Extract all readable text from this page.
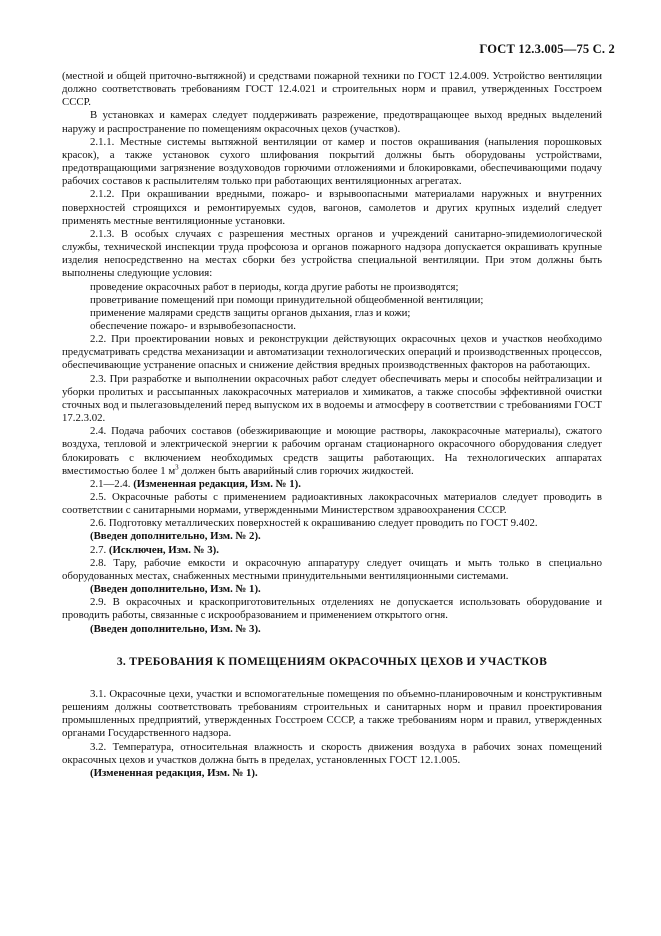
ГОСТ 12.3.005—75 С. 2

(местной и общей приточно-вытяжной) и средствами пожарной техники по ГОСТ 12.4.009. Устройство вентиляции должно соответствовать требованиям ГОСТ 12.4.021 и строительных норм и правил, утвержденных Госстроем СССР.

В установках и камерах следует поддерживать разрежение, предотвращающее выход вредных выделений наружу и распространение по помещениям окрасочных цехов (участков).

2.1.1. Местные системы вытяжной вентиляции от камер и постов окрашивания (напыления порошковых красок), а также установок сухого шлифования покрытий должны быть оборудованы устройствами, предотвращающими загрязнение воздуховодов горючими отложениями и блокировками, обеспечивающими подачу рабочих составов к распылителям только при работающих вентиляционных агрегатах.

2.1.2. При окрашивании вредными, пожаро- и взрывоопасными материалами наружных и внутренних поверхностей строящихся и ремонтируемых судов, вагонов, самолетов и других крупных изделий следует применять местные вентиляционные установки.

2.1.3. В особых случаях с разрешения местных органов и учреждений санитарно-эпидемиологической службы, технической инспекции труда профсоюза и органов пожарного надзора допускается окрашивать крупные изделия непосредственно на местах сборки без устройства специальной вентиляции. При этом должны быть выполнены следующие условия:

проведение окрасочных работ в периоды, когда другие работы не производятся;

проветривание помещений при помощи принудительной общеобменной вентиляции;

применение малярами средств защиты органов дыхания, глаз и кожи;

обеспечение пожаро- и взрывобезопасности.

2.2. При проектировании новых и реконструкции действующих окрасочных цехов и участков необходимо предусматривать средства механизации и автоматизации технологических операций и производственных процессов, обеспечивающие устранение опасных и снижение действия вредных производственных факторов на работающих.

2.3. При разработке и выполнении окрасочных работ следует обеспечивать меры и способы нейтрализации и уборки пролитых и рассыпанных лакокрасочных материалов и химикатов, а также способы эффективной очистки сточных вод и пылегазовыделений перед выпуском их в водоемы и атмосферу в соответствии с требованиями ГОСТ 17.2.3.02.

2.4. Подача рабочих составов (обезжиривающие и моющие растворы, лакокрасочные материалы), сжатого воздуха, тепловой и электрической энергии к рабочим органам стационарного окрасочного оборудования следует блокировать с включением необходимых средств защиты работающих. На технологических аппаратах вместимостью более 1 $м^3$ должен быть аварийный слив горючих жидкостей.

2.1—2.4. (Измененная редакция, Изм. № 1).

2.5. Окрасочные работы с применением радиоактивных лакокрасочных материалов следует проводить в соответствии с санитарными нормами, утвержденными Министерством здравоохранения СССР.

2.6. Подготовку металлических поверхностей к окрашиванию следует проводить по ГОСТ 9.402.

(Введен дополнительно, Изм. № 2).

2.7. (Исключен, Изм. № 3).

2.8. Тару, рабочие емкости и окрасочную аппаратуру следует очищать и мыть только в специально оборудованных местах, снабженных местными принудительными вентиляционными системами.

(Введен дополнительно, Изм. № 1).

2.9. В окрасочных и краскоприготовительных отделениях не допускается использовать оборудование и проводить работы, связанные с искрообразованием и применением открытого огня.

(Введен дополнительно, Изм. № 3).

3. ТРЕБОВАНИЯ К ПОМЕЩЕНИЯМ ОКРАСОЧНЫХ ЦЕХОВ И УЧАСТКОВ

3.1. Окрасочные цехи, участки и вспомогательные помещения по объемно-планировочным и конструктивным решениям должны соответствовать требованиям строительных и санитарных норм и правил проектирования промышленных предприятий, утвержденных Госстроем СССР, а также требованиям норм и правил, утвержденных органами Государственного надзора.

3.2. Температура, относительная влажность и скорость движения воздуха в рабочих зонах помещений окрасочных цехов и участков должна быть в пределах, установленных ГОСТ 12.1.005.

(Измененная редакция, Изм. № 1).
